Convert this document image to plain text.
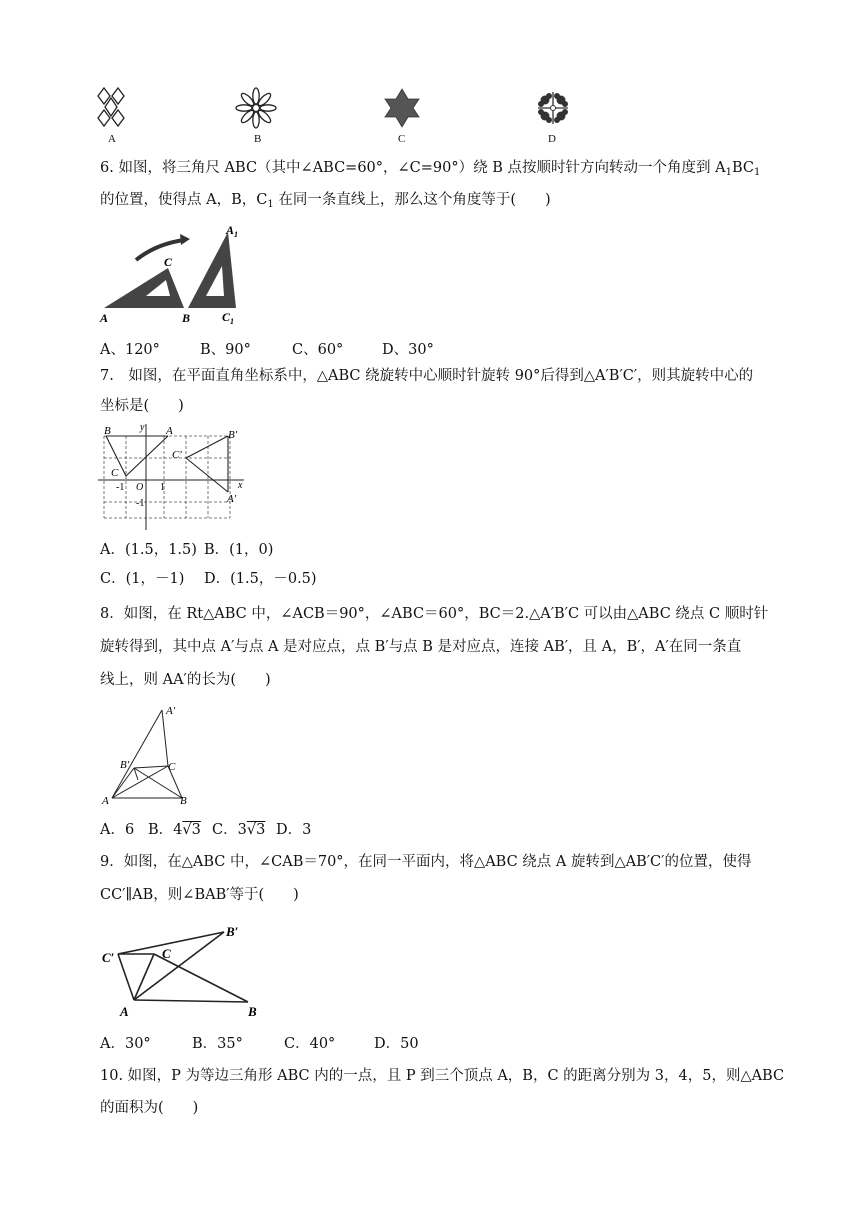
A	B	C	D
6. 如图，将三角尺 ABC（其中∠ABC=60°，∠C=90°）绕 B 点按顺时针方向转动一个角度到 $A_1BC_1$
的位置，使得点 A，B，$C_1$ 在同一条直线上，那么这个角度等于(　　)
C
$A_1$
A	B	$C_1$
A、120°	B、90°	C、60°	D、30°
7.　如图，在平面直角坐标系中，△ABC 绕旋转中心顺时针旋转 90°后得到△A′B′C′，则其旋转中心的
坐标是(　　)
B	A
C
B′
C′
A′
y
x
O
-1	1
-1
A．(1.5，1.5) B．(1，0)
C．(1，－1) D．(1.5，－0.5)
8．如图，在 Rt△ABC 中，∠ACB＝90°，∠ABC＝60°，BC＝2.△A′B′C 可以由△ABC 绕点 C 顺时针
旋转得到，其中点 A′与点 A 是对应点，点 B′与点 B 是对应点，连接 AB′，且 A，B′，A′在同一条直
线上，则 AA′的长为(　　)
A′
B′	C
A	B
A．6 B．4√3 C．3√3 D．3
9．如图，在△ABC 中，∠CAB＝70°，在同一平面内，将△ABC 绕点 A 旋转到△AB′C′的位置，使得
CC′∥AB，则∠BAB′等于(　　)
C′	C
B′
A	B
A．30°	B．35°	C．40°	D．50
10. 如图，P 为等边三角形 ABC 内的一点，且 P 到三个顶点 A，B，C 的距离分别为 3，4，5，则△ABC
的面积为(　　)
